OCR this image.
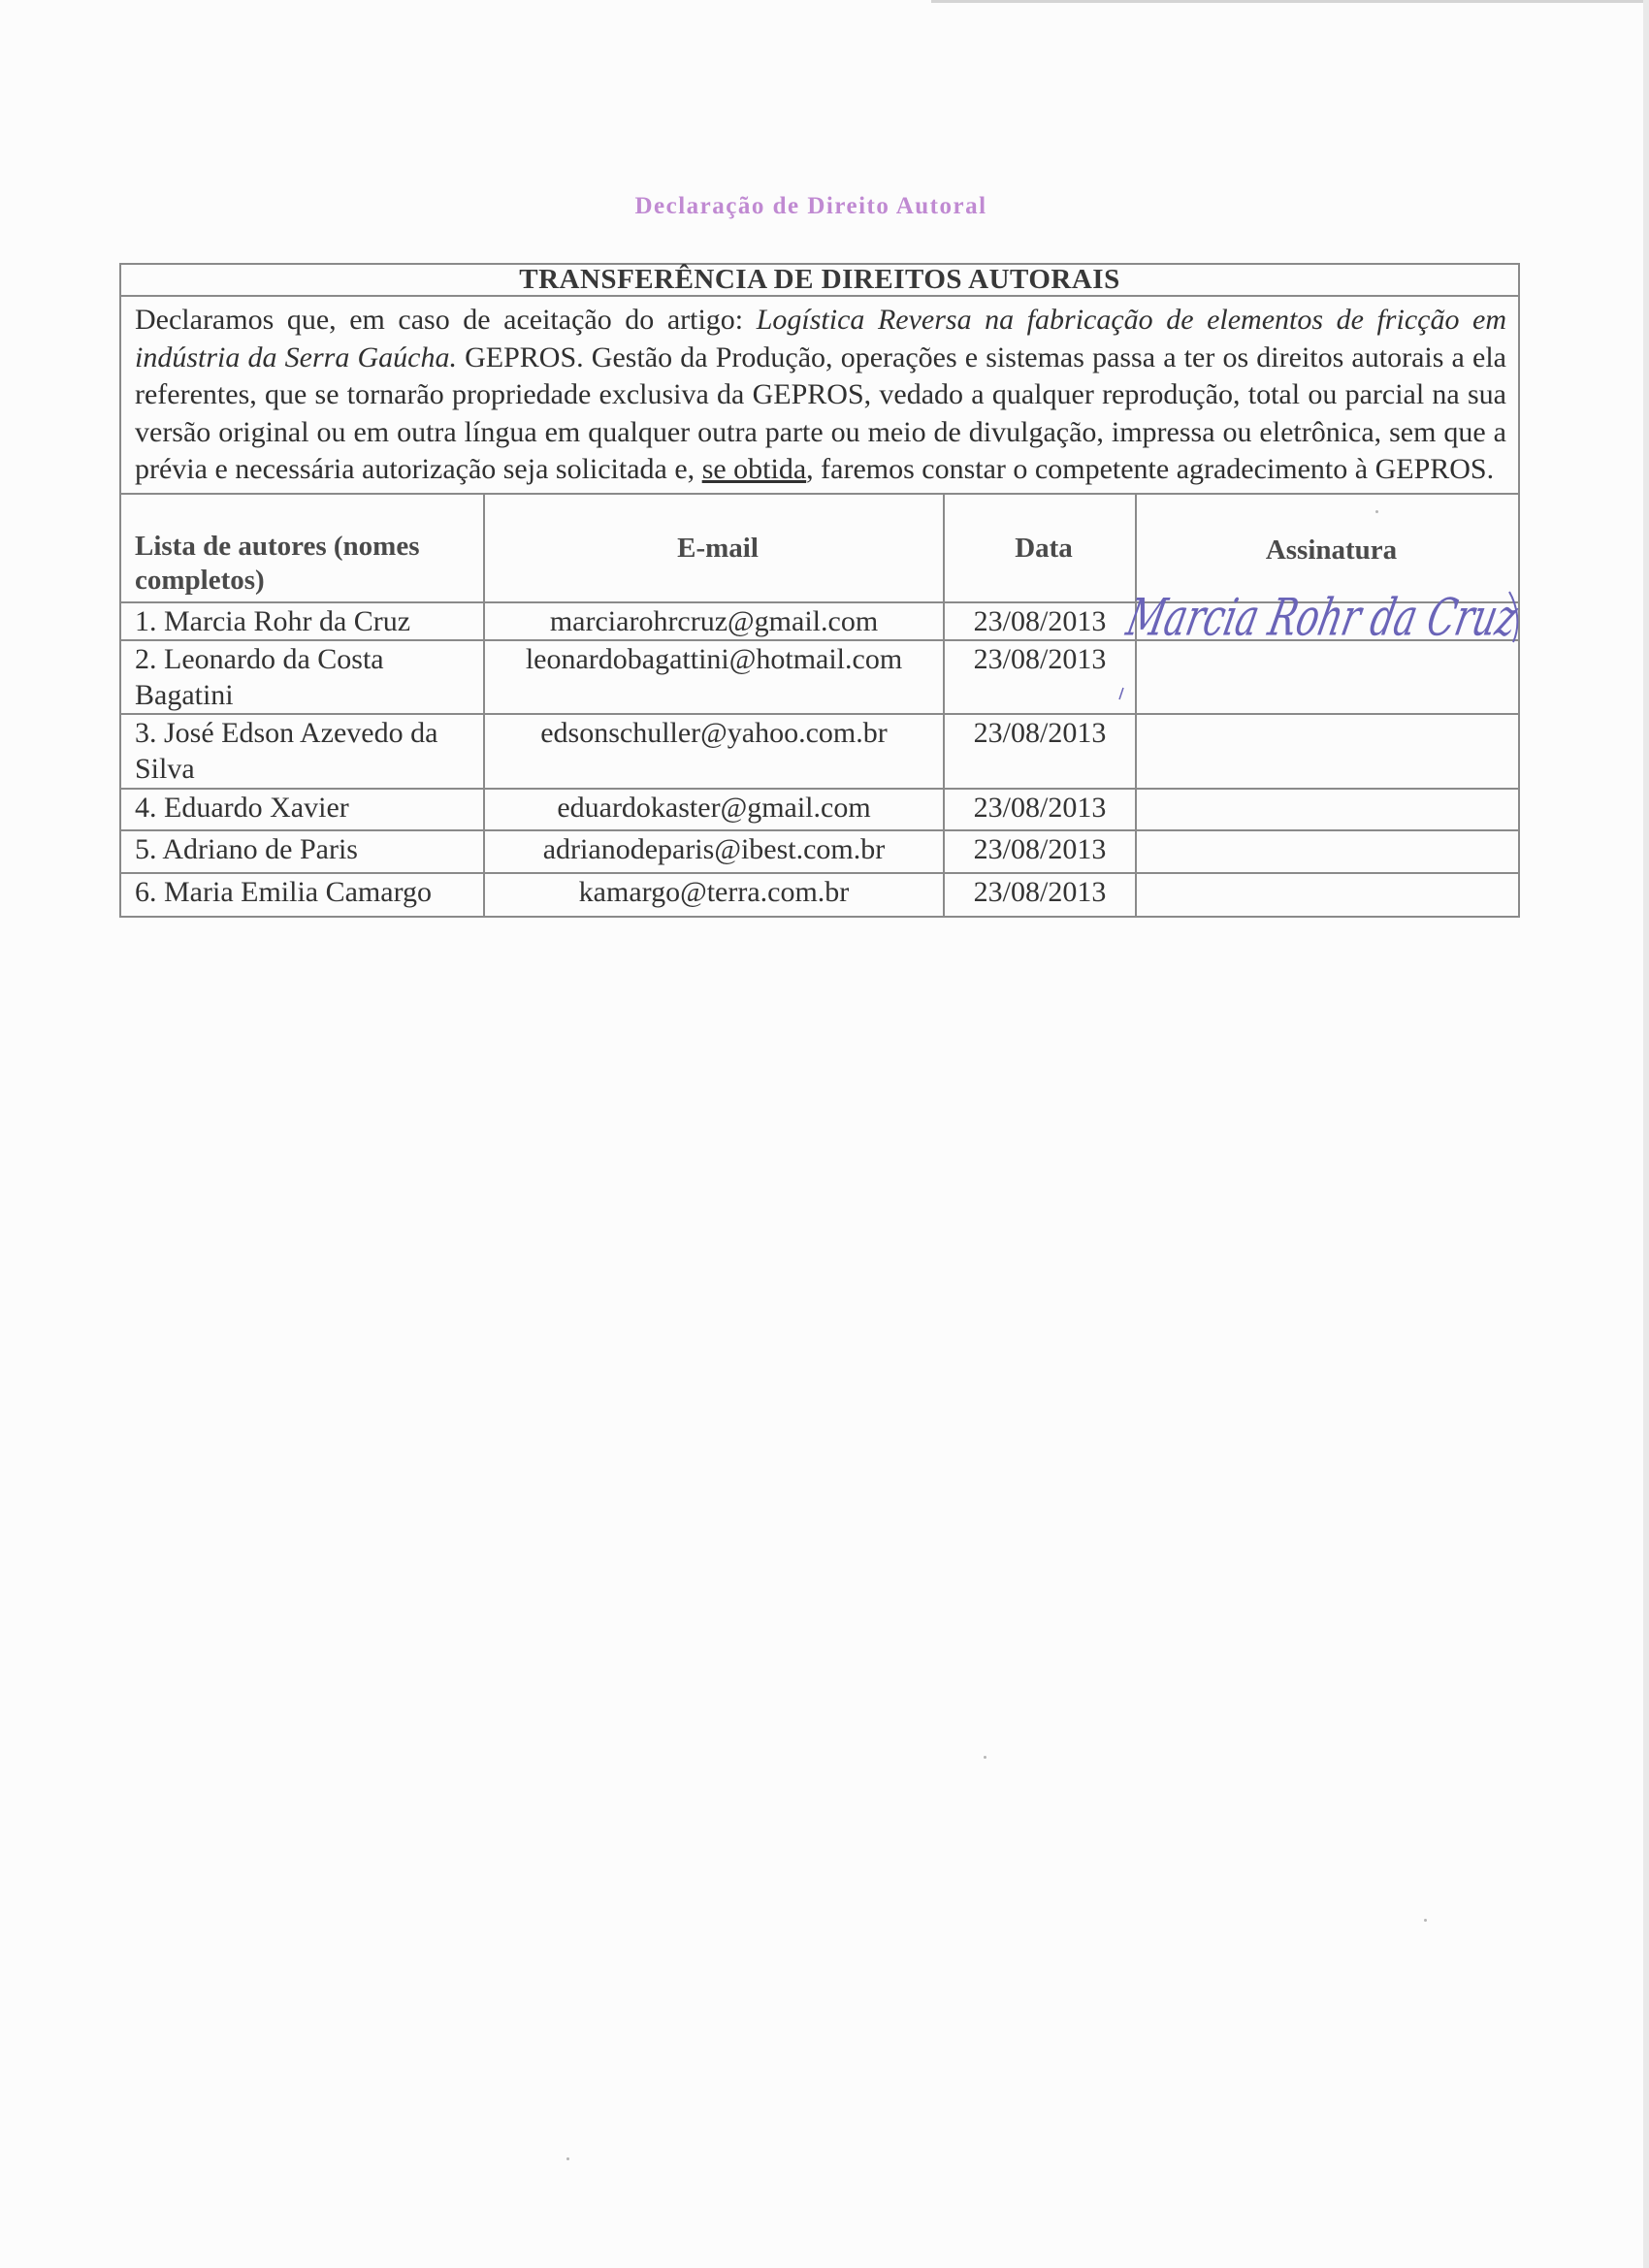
Declaração de Direito Autoral
TRANSFERÊNCIA DE DIREITOS AUTORAIS
Declaramos que, em caso de aceitação do artigo: Logística Reversa na fabricação de elementos de fricção em indústria da Serra Gaúcha. GEPROS. Gestão da Produção, operações e sistemas passa a ter os direitos autorais a ela referentes, que se tornarão propriedade exclusiva da GEPROS, vedado a qualquer reprodução, total ou parcial na sua versão original ou em outra língua em qualquer outra parte ou meio de divulgação, impressa ou eletrônica, sem que a prévia e necessária autorização seja solicitada e, se obtida, faremos constar o competente agradecimento à GEPROS.
Lista de autores (nomes completos)	E-mail	Data	Assinatura
1. Marcia Rohr da Cruz	marciarohrcruz@gmail.com	23/08/2013	Marcia Rohr da Cruz

2. Leonardo da Costa Bagatini	leonardobagattini@hotmail.com	23/08/2013	
3. José Edson Azevedo da Silva	edsonschuller@yahoo.com.br	23/08/2013	
4. Eduardo Xavier	eduardokaster@gmail.com	23/08/2013	
5. Adriano de Paris	adrianodeparis@ibest.com.br	23/08/2013	
6. Maria Emilia Camargo	kamargo@terra.com.br	23/08/2013	
